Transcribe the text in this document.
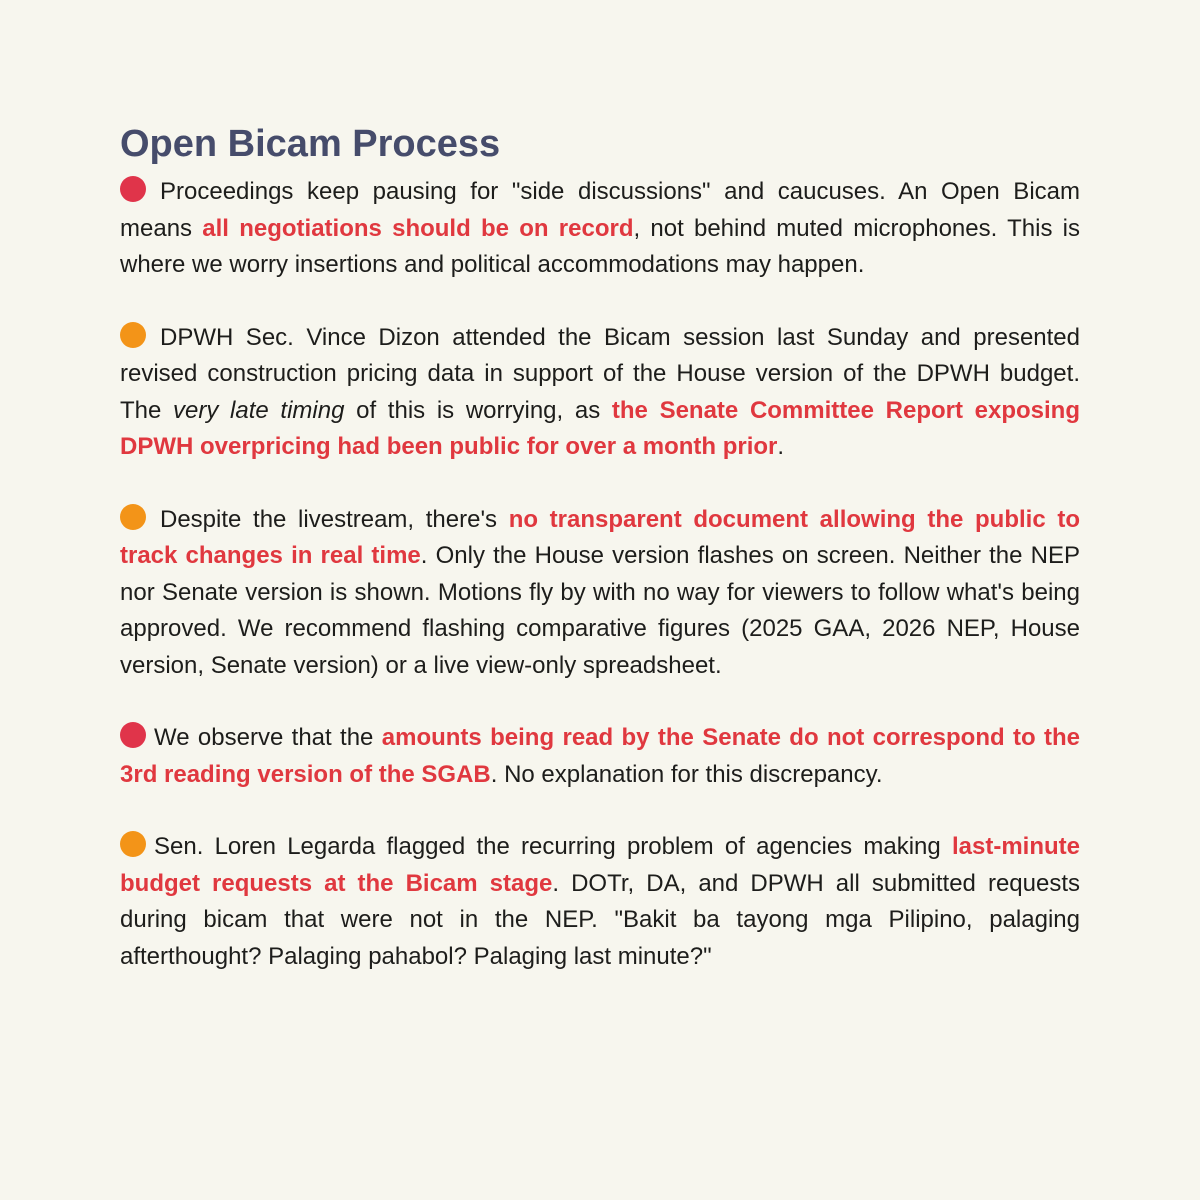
Open Bicam Process

Proceedings keep pausing for "side discussions" and caucuses. An Open Bicam means all negotiations should be on record, not behind muted microphones. This is where we worry insertions and political accommodations may happen.

DPWH Sec. Vince Dizon attended the Bicam session last Sunday and presented revised construction pricing data in support of the House version of the DPWH budget. The very late timing of this is worrying, as the Senate Committee Report exposing DPWH overpricing had been public for over a month prior.

Despite the livestream, there's no transparent document allowing the public to track changes in real time. Only the House version flashes on screen. Neither the NEP nor Senate version is shown. Motions fly by with no way for viewers to follow what's being approved. We recommend flashing comparative figures (2025 GAA, 2026 NEP, House version, Senate version) or a live view-only spreadsheet.

We observe that the amounts being read by the Senate do not correspond to the 3rd reading version of the SGAB. No explanation for this discrepancy.

Sen. Loren Legarda flagged the recurring problem of agencies making last-minute budget requests at the Bicam stage. DOTr, DA, and DPWH all submitted requests during bicam that were not in the NEP. "Bakit ba tayong mga Pilipino, palaging afterthought? Palaging pahabol? Palaging last minute?"
